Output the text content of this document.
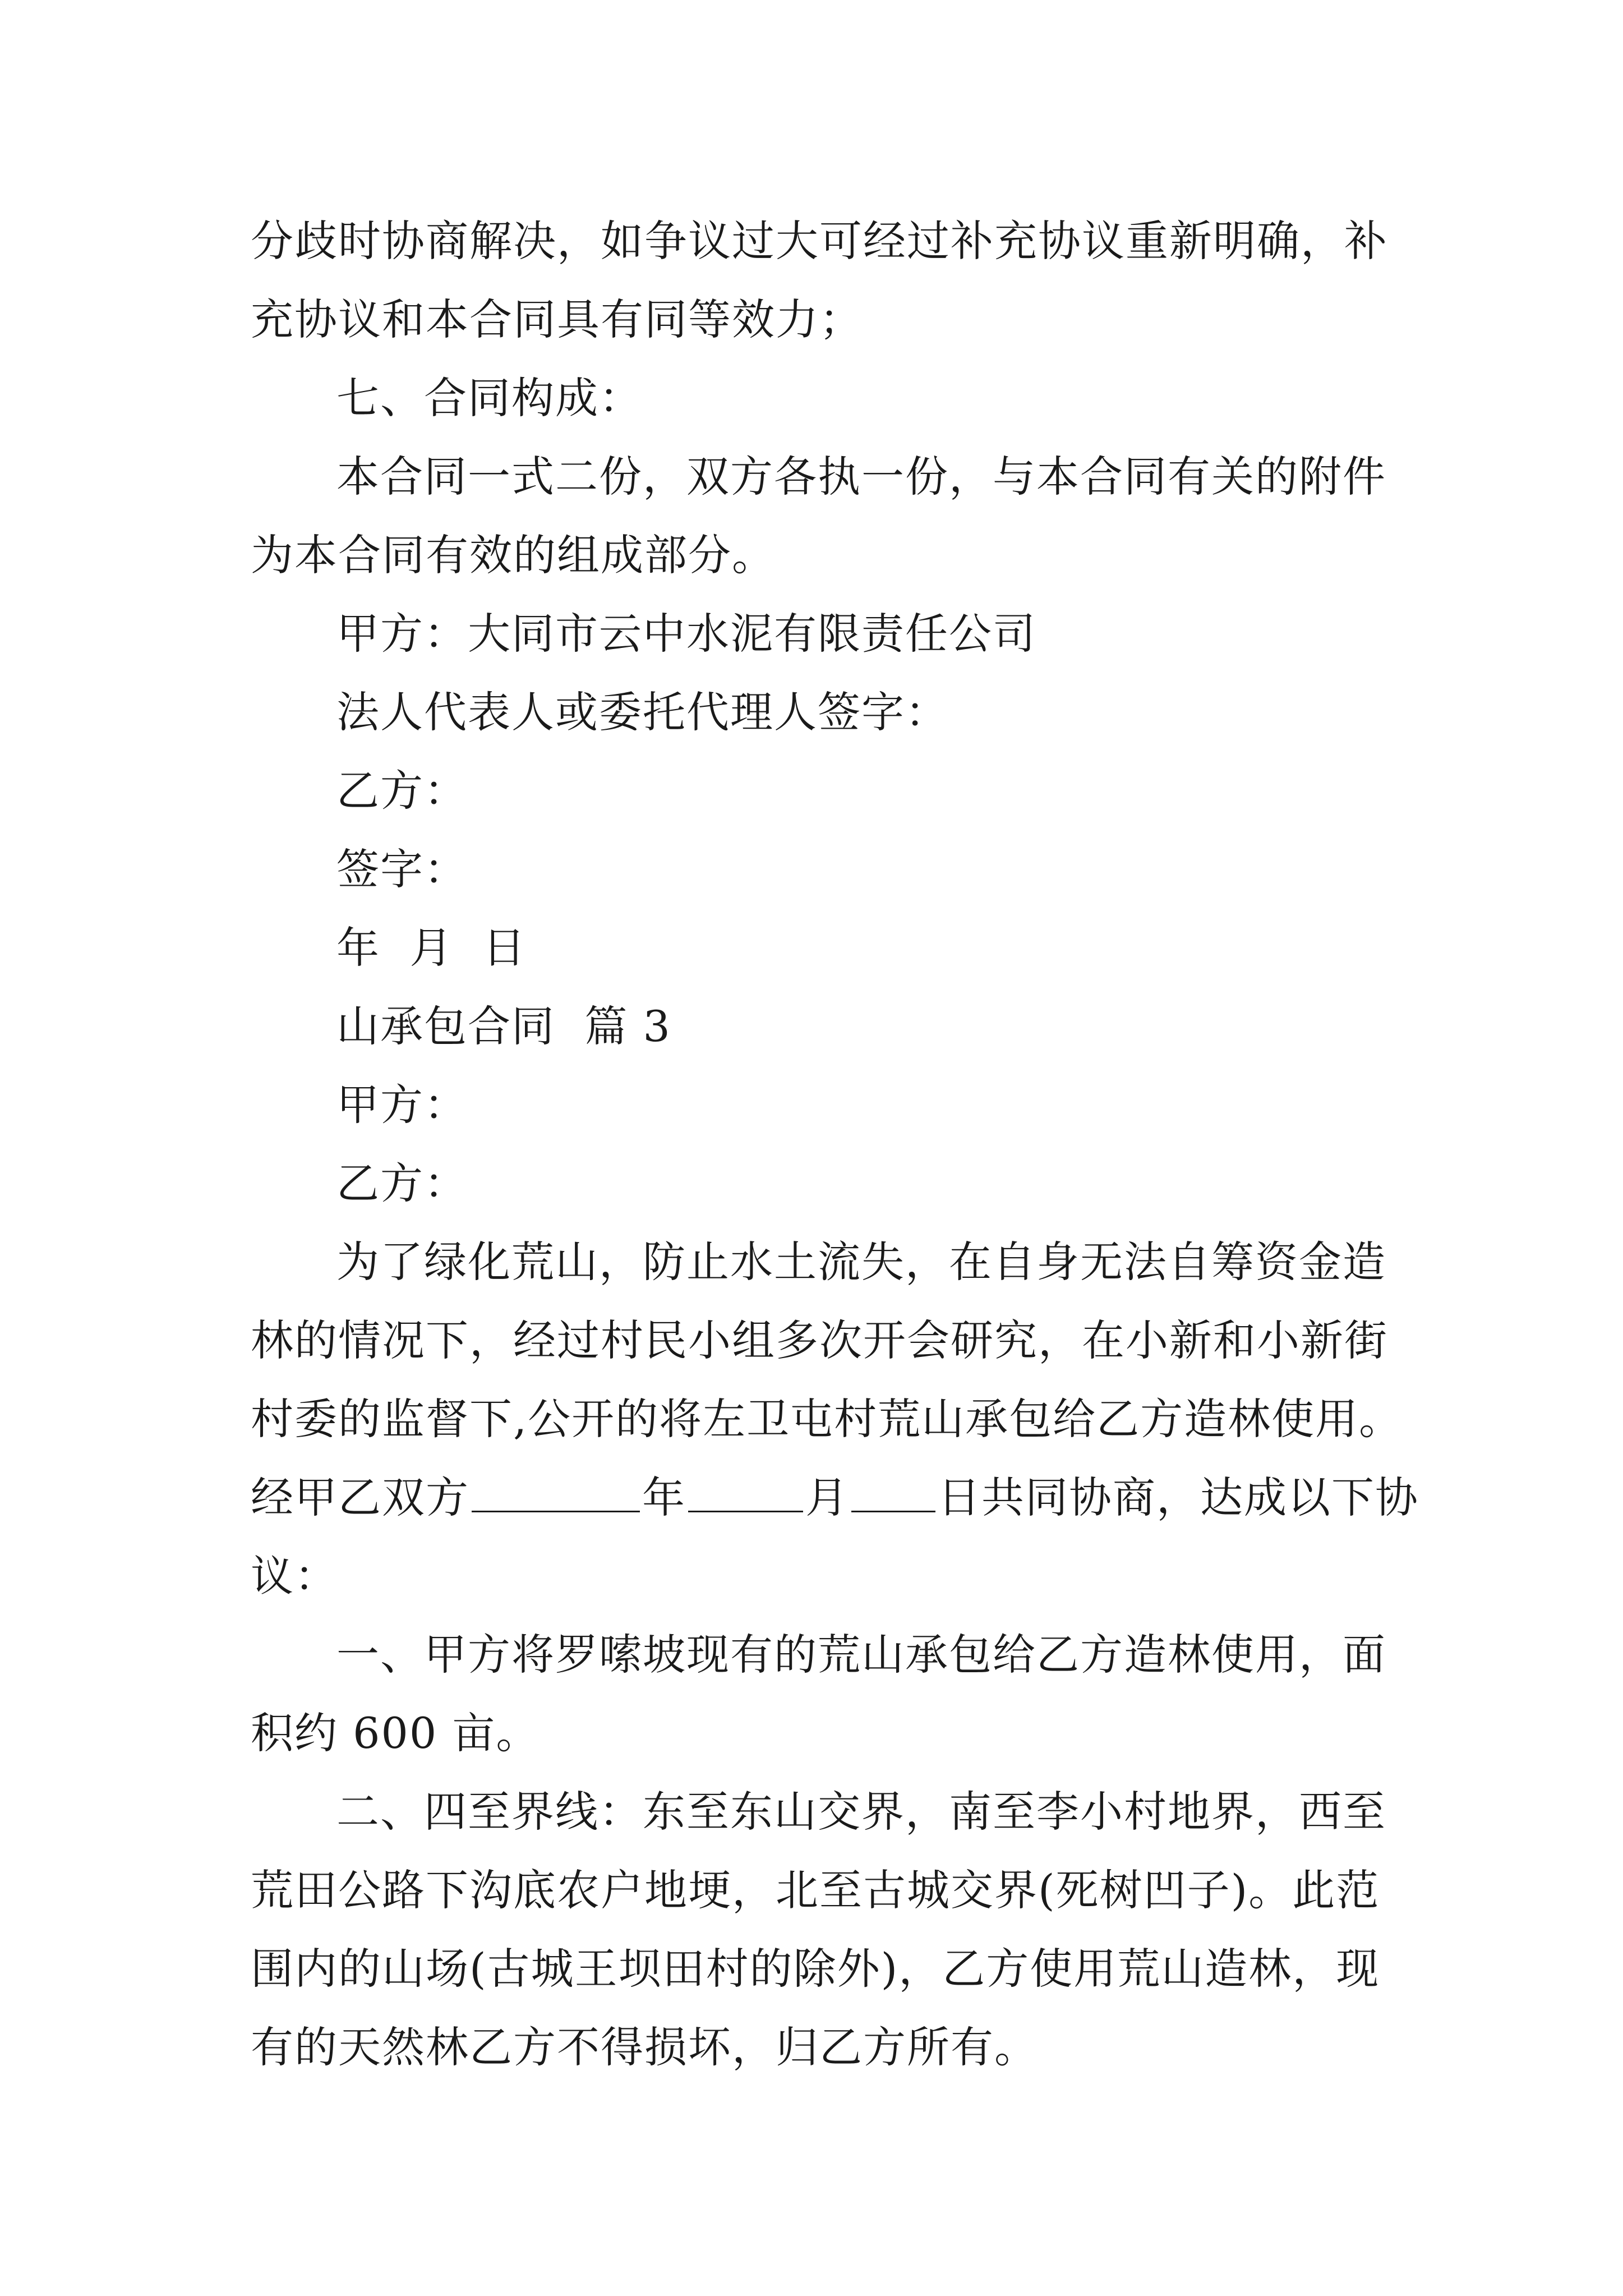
分歧时协商解决，如争议过大可经过补充协议重新明确，补
充协议和本合同具有同等效力；
七、合同构成：
本合同一式二份，双方各执一份，与本合同有关的附件
为本合同有效的组成部分。
甲方：大同市云中水泥有限责任公司
法人代表人或委托代理人签字：
乙方：
签字：
年  月  日
山承包合同  篇 3
甲方：
乙方：
为了绿化荒山，防止水土流失，在自身无法自筹资金造
林的情况下，经过村民小组多次开会研究，在小新和小新街
村委的监督下,公开的将左卫屯村荒山承包给乙方造林使用。
经甲乙双方	年	月 日共同协商，达成以下协
议：
一、甲方将罗嗦坡现有的荒山承包给乙方造林使用，面
积约 600 亩。
二、四至界线：东至东山交界，南至李小村地界，西至
荒田公路下沟底农户地埂，北至古城交界(死树凹子)。此范
围内的山场(古城王坝田村的除外)，乙方使用荒山造林，现
有的天然林乙方不得损坏，归乙方所有。
